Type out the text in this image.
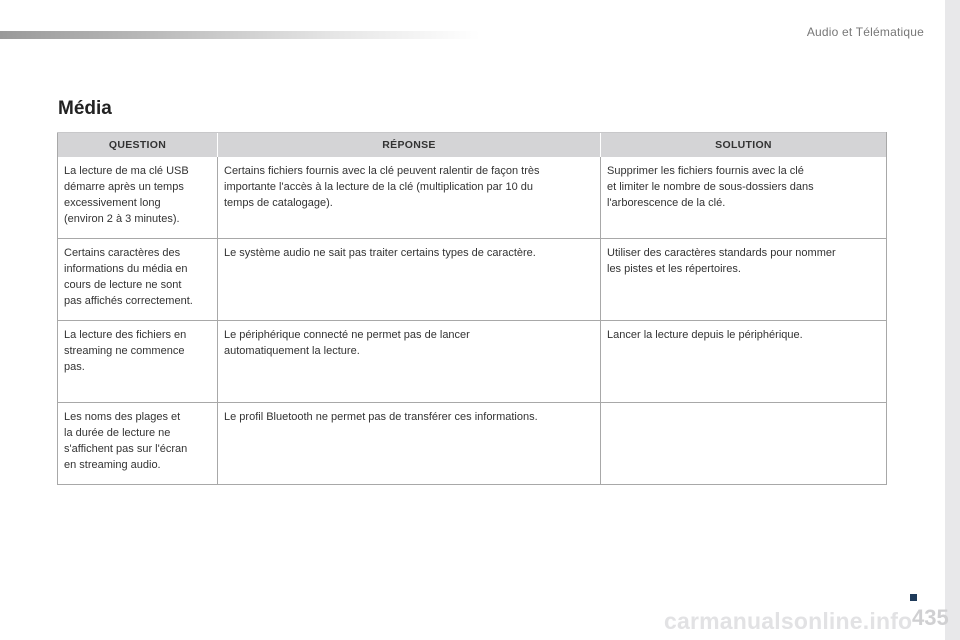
Audio et Télématique
Média
QUESTION	RÉPONSE	SOLUTION
La lecture de ma clé USB
démarre après un temps
excessivement long
(environ 2 à 3 minutes).	Certains fichiers fournis avec la clé peuvent ralentir de façon très
importante l'accès à la lecture de la clé (multiplication par 10 du
temps de catalogage).	Supprimer les fichiers fournis avec la clé
et limiter le nombre de sous-dossiers dans
l'arborescence de la clé.
Certains caractères des
informations du média en
cours de lecture ne sont
pas affichés correctement.	Le système audio ne sait pas traiter certains types de caractère.	Utiliser des caractères standards pour nommer
les pistes et les répertoires.
La lecture des fichiers en
streaming ne commence
pas.	Le périphérique connecté ne permet pas de lancer
automatiquement la lecture.	Lancer la lecture depuis le périphérique.
Les noms des plages et
la durée de lecture ne
s'affichent pas sur l'écran
en streaming audio.	Le profil Bluetooth ne permet pas de transférer ces informations.	
carmanualsonline.info 435
